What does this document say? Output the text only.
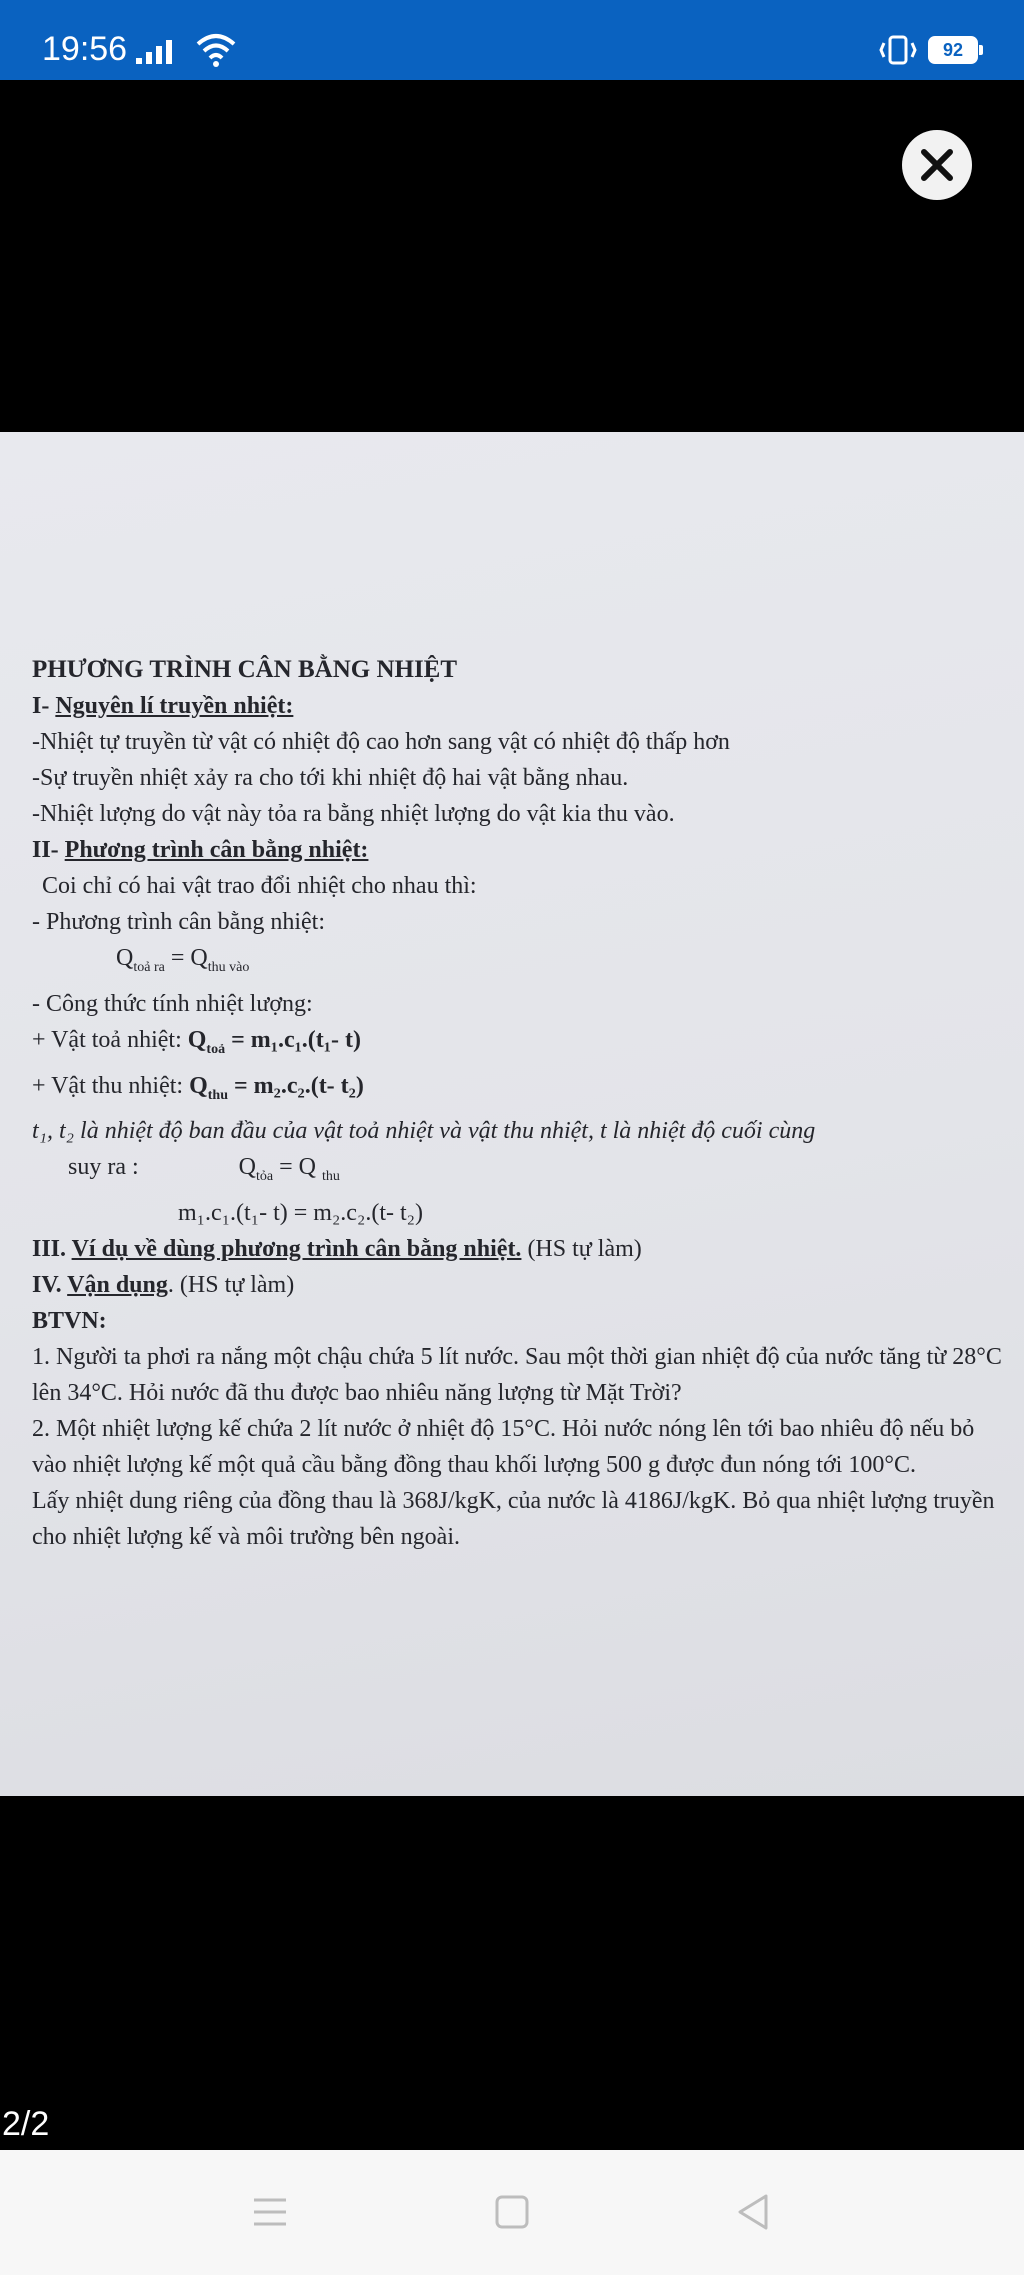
19:56	92

PHƯƠNG TRÌNH CÂN BẰNG NHIỆT

I- Nguyên lí truyền nhiệt:

-Nhiệt tự truyền từ vật có nhiệt độ cao hơn sang vật có nhiệt độ thấp hơn

-Sự truyền nhiệt xảy ra cho tới khi nhiệt độ hai vật bằng nhau.

-Nhiệt lượng do vật này tỏa ra bằng nhiệt lượng do vật kia thu vào.

II- Phương trình cân bằng nhiệt:

Coi chỉ có hai vật trao đổi nhiệt cho nhau thì:

- Phương trình cân bằng nhiệt:

$Q_{toả ra} = Q_{thu vào}$

- Công thức tính nhiệt lượng:

+ Vật toả nhiệt: $Q_{toả} = m_1.c_1.(t_1-$ t)

+ Vật thu nhiệt: $Q_{thu} = m_2.c_2.(t-$ t₂)

t₁, t₂ là nhiệt độ ban đầu của vật toả nhiệt và vật thu nhiệt, t là nhiệt độ cuối cùng

suy ra :	$Q_{tỏa} = Q$ $_{thu}$

m₁.c₁.(t₁- t) = m₂.c₂.(t- t₂)

III. Ví dụ về dùng phương trình cân bằng nhiệt. (HS tự làm)

IV. Vận dụng. (HS tự làm)

BTVN:

1. Người ta phơi ra nắng một chậu chứa 5 lít nước. Sau một thời gian nhiệt độ của nước tăng từ 28°C lên 34°C. Hỏi nước đã thu được bao nhiêu năng lượng từ Mặt Trời?

2. Một nhiệt lượng kế chứa 2 lít nước ở nhiệt độ 15°C. Hỏi nước nóng lên tới bao nhiêu độ nếu bỏ vào nhiệt lượng kế một quả cầu bằng đồng thau khối lượng 500 g được đun nóng tới 100°C.

Lấy nhiệt dung riêng của đồng thau là 368J/kgK, của nước là 4186J/kgK. Bỏ qua nhiệt lượng truyền cho nhiệt lượng kế và môi trường bên ngoài.

2/2
